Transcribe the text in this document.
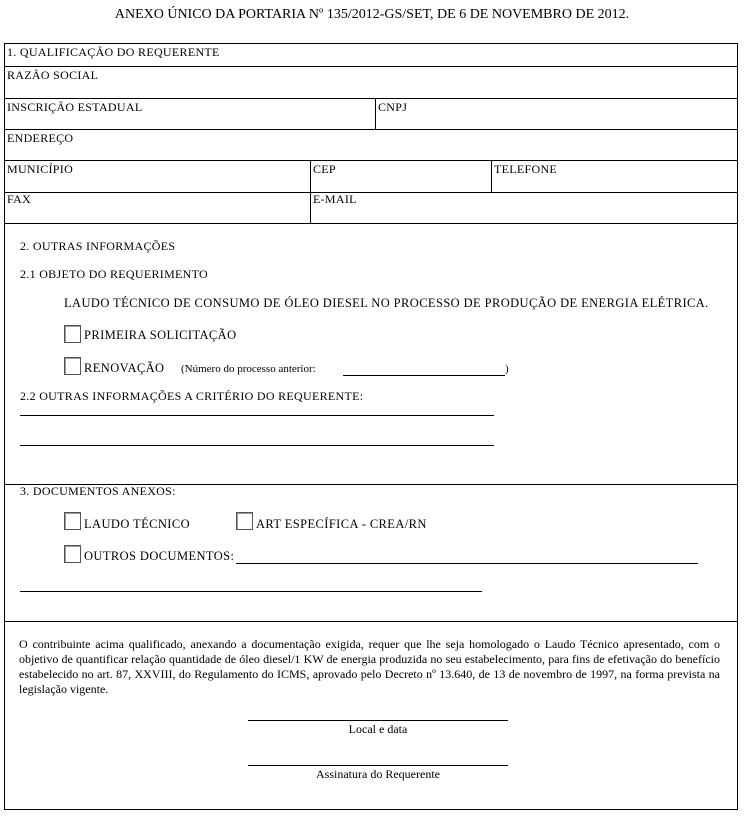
ANEXO ÚNICO DA PORTARIA Nº 135/2012-GS/SET, DE 6 DE NOVEMBRO DE 2012.
1. QUALIFICAÇÃO DO REQUERENTE
RAZÃO SOCIAL
INSCRIÇÃO ESTADUAL	CNPJ
ENDEREÇO
MUNICÍPIO	CEP	TELEFONE
FAX	E-MAIL
2. OUTRAS INFORMAÇÕES
2.1 OBJETO DO REQUERIMENTO
LAUDO TÉCNICO DE CONSUMO DE ÓLEO DIESEL NO PROCESSO DE PRODUÇÃO DE ENERGIA ELÉTRICA.
PRIMEIRA SOLICITAÇÃO
RENOVAÇÃO (Número do processo anterior:	)
2.2 OUTRAS INFORMAÇÕES A CRITÉRIO DO REQUERENTE:
3. DOCUMENTOS ANEXOS:
LAUDO TÉCNICO	ART ESPECÍFICA - CREA/RN
OUTROS DOCUMENTOS:
O contribuinte acima qualificado, anexando a documentação exigida, requer que lhe seja homologado o Laudo Técnico apresentado, com o objetivo de quantificar relação quantidade de óleo diesel/1 KW de energia produzida no seu estabelecimento, para fins de efetivação do benefício estabelecido no art. 87, XXVIII, do Regulamento do ICMS, aprovado pelo Decreto nº 13.640, de 13 de novembro de 1997, na forma prevista na legislação vigente.
Local e data
Assinatura do Requerente
